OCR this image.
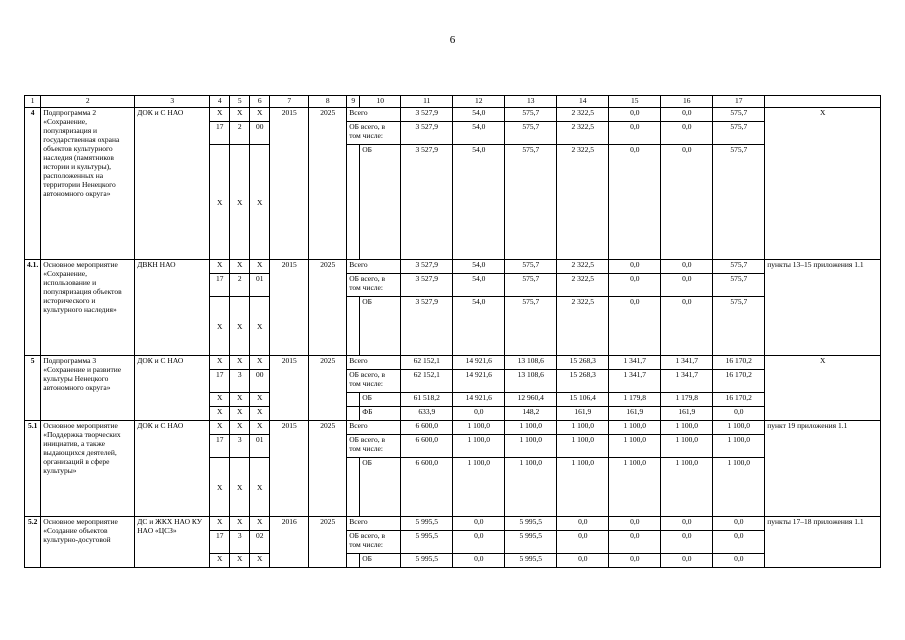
6
1	2	3	4	5	6	7	8	9	10	11	12	13	14	15	16	17	
4	Подпрограмма 2 «Сохранение, популяризация и государственная охрана объектов культурного наследия (памятников истории и культуры), расположенных на территории Ненецкого автономного округа»	ДОК и С НАО	X	X	X	2015	2025	Всего		3 527,9	54,0	575,7	2 322,5	0,0	0,0	575,7	X
			17	2	00			ОБ всего, в том числе:		3 527,9	54,0	575,7	2 322,5	0,0	0,0	575,7	
			X	X	X				ОБ	3 527,9	54,0	575,7	2 322,5	0,0	0,0	575,7	
4.1.	Основное мероприятие «Сохранение, использование и популяризация объектов исторического и культурного наследия»	ДВКН НАО	X	X	X	2015	2025	Всего		3 527,9	54,0	575,7	2 322,5	0,0	0,0	575,7	пункты 13–15 приложения 1.1
			17	2	01			ОБ всего, в том числе:		3 527,9	54,0	575,7	2 322,5	0,0	0,0	575,7	
			X	X	X				ОБ	3 527,9	54,0	575,7	2 322,5	0,0	0,0	575,7	
5	Подпрограмма 3 «Сохранение и развитие культуры Ненецкого автономного округа»	ДОК и С НАО	X	X	X	2015	2025	Всего		62 152,1	14 921,6	13 108,6	15 268,3	1 341,7	1 341,7	16 170,2	X
			17	3	00			ОБ всего, в том числе:		62 152,1	14 921,6	13 108,6	15 268,3	1 341,7	1 341,7	16 170,2	
			X	X	X				ОБ	61 518,2	14 921,6	12 960,4	15 106,4	1 179,8	1 179,8	16 170,2	
			X	X	X				ФБ	633,9	0,0	148,2	161,9	161,9	161,9	0,0	
5.1	Основное мероприятие «Поддержка творческих инициатив, а также выдающихся деятелей, организаций в сфере культуры»	ДОК и С НАО	X	X	X	2015	2025	Всего		6 600,0	1 100,0	1 100,0	1 100,0	1 100,0	1 100,0	1 100,0	пункт 19 приложения 1.1
			17	3	01			ОБ всего, в том числе:		6 600,0	1 100,0	1 100,0	1 100,0	1 100,0	1 100,0	1 100,0	
			X	X	X				ОБ	6 600,0	1 100,0	1 100,0	1 100,0	1 100,0	1 100,0	1 100,0	
5.2	Основное мероприятие «Создание объектов культурно-досуговой	ДС и ЖКХ НАО КУ НАО «ЦСЗ»	X	X	X	2016	2025	Всего		5 995,5	0,0	5 995,5	0,0	0,0	0,0	0,0	пункты 17–18 приложения 1.1
			17	3	02			ОБ всего, в том числе:		5 995,5	0,0	5 995,5	0,0	0,0	0,0	0,0	
			X	X	X				ОБ	5 995,5	0,0	5 995,5	0,0	0,0	0,0	0,0	
